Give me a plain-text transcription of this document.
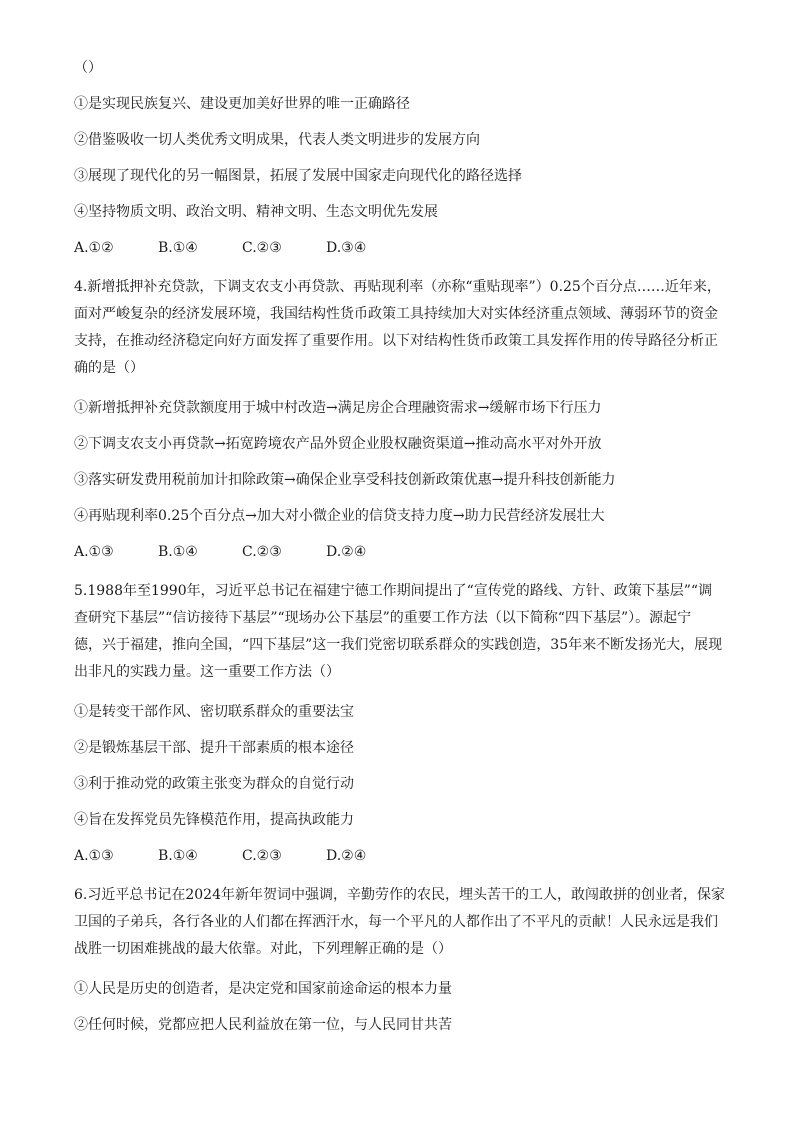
（）

①是实现民族复兴、建设更加美好世界的唯一正确路径

②借鉴吸收一切人类优秀文明成果，代表人类文明进步的发展方向

③展现了现代化的另一幅图景，拓展了发展中国家走向现代化的路径选择

④坚持物质文明、政治文明、精神文明、生态文明优先发展

A.①②	B.①④	C.②③	D.③④

4.新增抵押补充贷款，下调支农支小再贷款、再贴现利率（亦称“重贴现率”）0.25个百分点……近年来，

面对严峻复杂的经济发展环境，我国结构性货币政策工具持续加大对实体经济重点领域、薄弱环节的资金

支持，在推动经济稳定向好方面发挥了重要作用。以下对结构性货币政策工具发挥作用的传导路径分析正

确的是（）

①新增抵押补充贷款额度用于城中村改造→满足房企合理融资需求→缓解市场下行压力

②下调支农支小再贷款→拓宽跨境农产品外贸企业股权融资渠道→推动高水平对外开放

③落实研发费用税前加计扣除政策→确保企业享受科技创新政策优惠→提升科技创新能力

④再贴现利率0.25个百分点→加大对小微企业的信贷支持力度→助力民营经济发展壮大

A.①③	B.①④	C.②③	D.②④

5.1988年至1990年，习近平总书记在福建宁德工作期间提出了“宣传党的路线、方针、政策下基层”“调

查研究下基层”“信访接待下基层”“现场办公下基层”的重要工作方法（以下简称“四下基层”）。源起宁

德，兴于福建，推向全国，“四下基层”这一我们党密切联系群众的实践创造，35年来不断发扬光大，展现

出非凡的实践力量。这一重要工作方法（）

①是转变干部作风、密切联系群众的重要法宝

②是锻炼基层干部、提升干部素质的根本途径

③利于推动党的政策主张变为群众的自觉行动

④旨在发挥党员先锋模范作用，提高执政能力

A.①③	B.①④	C.②③	D.②④

6.习近平总书记在2024年新年贺词中强调，辛勤劳作的农民，埋头苦干的工人，敢闯敢拼的创业者，保家

卫国的子弟兵，各行各业的人们都在挥洒汗水，每一个平凡的人都作出了不平凡的贡献！人民永远是我们

战胜一切困难挑战的最大依靠。对此，下列理解正确的是（）

①人民是历史的创造者，是决定党和国家前途命运的根本力量

②任何时候，党都应把人民利益放在第一位，与人民同甘共苦
